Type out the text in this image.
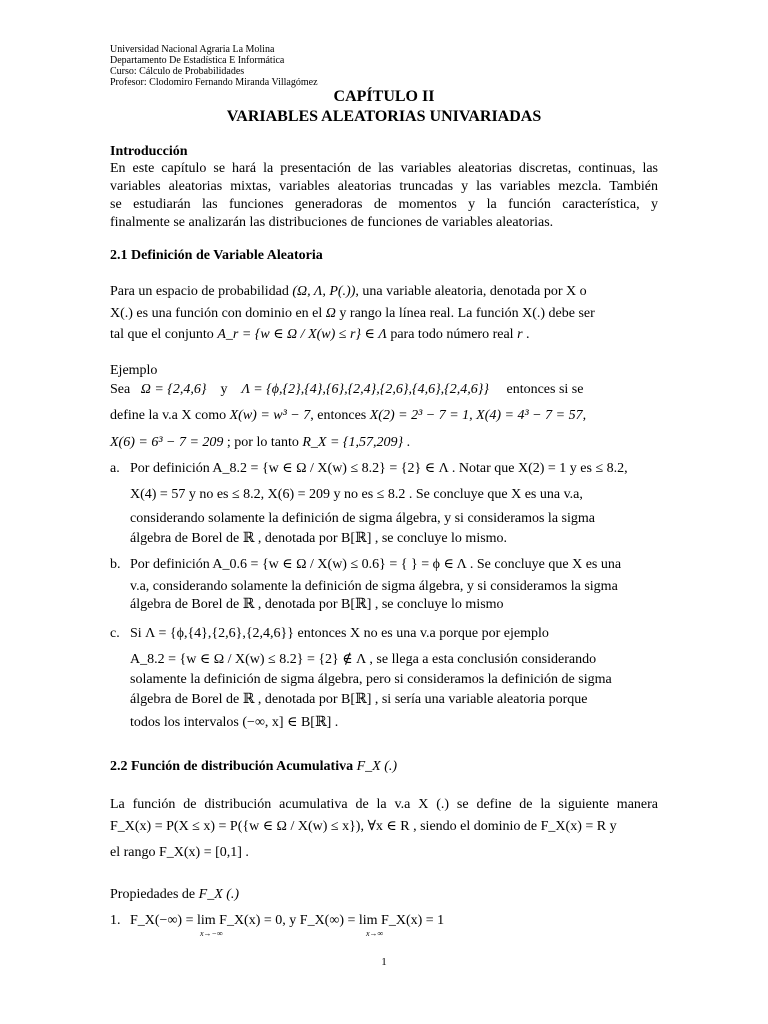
Universidad Nacional Agraria La Molina
Departamento De Estadística E Informática
Curso: Cálculo de Probabilidades
Profesor: Clodomiro Fernando Miranda Villagómez
CAPÍTULO II
VARIABLES ALEATORIAS UNIVARIADAS
Introducción
En este capítulo se hará la presentación de las variables aleatorias discretas, continuas, las
variables aleatorias mixtas, variables aleatorias truncadas y las variables mezcla. También
se estudiarán las funciones generadoras de momentos y la función característica, y
finalmente se analizarán las distribuciones de funciones de variables aleatorias.
2.1 Definición de Variable Aleatoria
Para un espacio de probabilidad (Ω, Λ, P(.)), una variable aleatoria, denotada por X o
X(.) es una función con dominio en el Ω y rango la línea real. La función X(.) debe ser
tal que el conjunto A_r = {w ∈ Ω / X(w) ≤ r} ∈ Λ para todo número real r .
Ejemplo
Sea Ω = {2,4,6} y Λ = {ϕ,{2},{4},{6},{2,4},{2,6},{4,6},{2,4,6}} entonces si se
define la v.a X como X(w) = w³ − 7, entonces X(2) = 2³ − 7 = 1, X(4) = 4³ − 7 = 57,
X(6) = 6³ − 7 = 209 ; por lo tanto R_X = {1,57,209} .
a. Por definición A_8.2 = {w ∈ Ω / X(w) ≤ 8.2} = {2} ∈ Λ . Notar que X(2) = 1 y es ≤ 8.2,
X(4) = 57 y no es ≤ 8.2, X(6) = 209 y no es ≤ 8.2 . Se concluye que X es una v.a,
considerando solamente la definición de sigma álgebra, y si consideramos la sigma
álgebra de Borel de ℝ , denotada por B[ℝ] , se concluye lo mismo.
b. Por definición A_0.6 = {w ∈ Ω / X(w) ≤ 0.6} = { } = ϕ ∈ Λ . Se concluye que X es una
v.a, considerando solamente la definición de sigma álgebra, y si consideramos la sigma
álgebra de Borel de ℝ , denotada por B[ℝ] , se concluye lo mismo
c. Si Λ = {ϕ,{4},{2,6},{2,4,6}} entonces X no es una v.a porque por ejemplo
A_8.2 = {w ∈ Ω / X(w) ≤ 8.2} = {2} ∉ Λ , se llega a esta conclusión considerando
solamente la definición de sigma álgebra, pero si consideramos la definición de sigma
álgebra de Borel de ℝ , denotada por B[ℝ] , si sería una variable aleatoria porque
todos los intervalos (−∞, x] ∈ B[ℝ] .
2.2 Función de distribución Acumulativa F_X (.)
La función de distribución acumulativa de la v.a X (.) se define de la siguiente manera
F_X(x) = P(X ≤ x) = P({w ∈ Ω / X(w) ≤ x}), ∀x ∈ R , siendo el dominio de F_X(x) = R y
el rango F_X(x) = [0,1] .
Propiedades de F_X (.)
1. F_X(−∞) = lim F_X(x) = 0, y F_X(∞) = lim F_X(x) = 1
x→−∞	x→∞
1
